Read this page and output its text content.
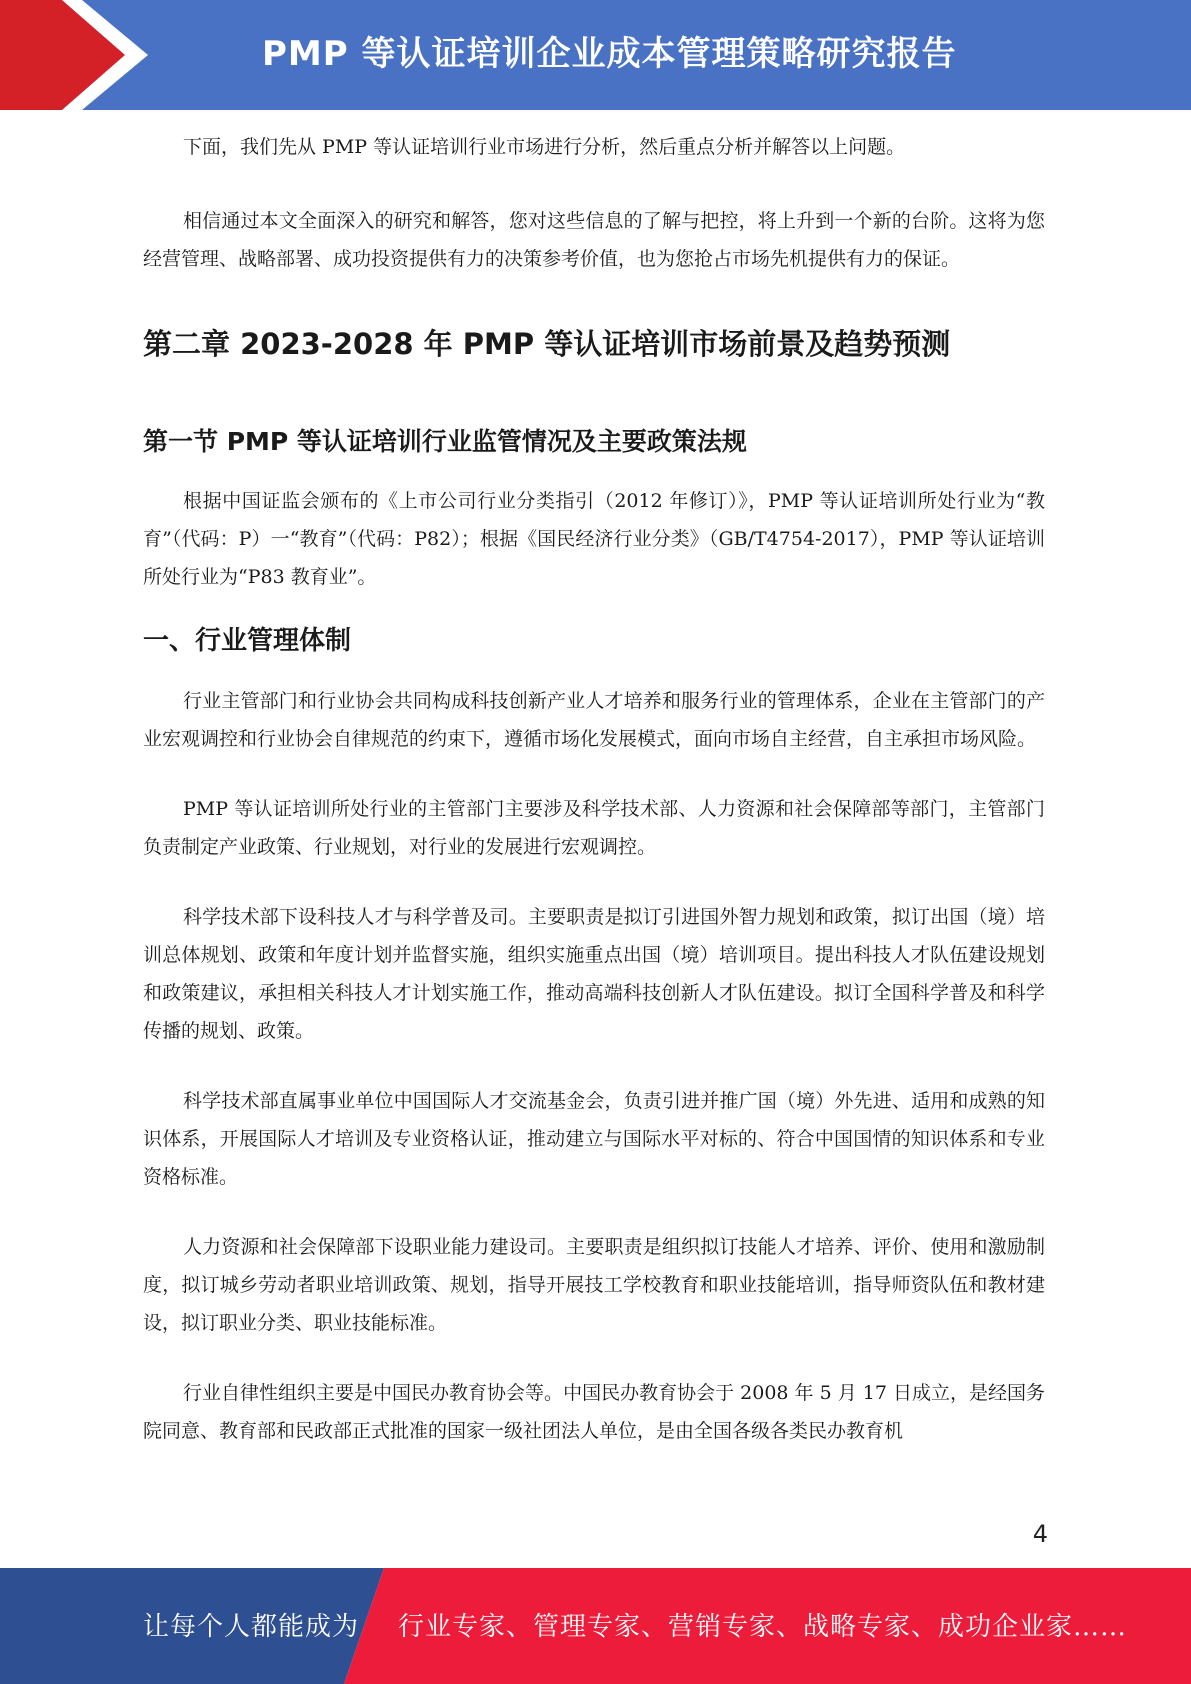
PMP 等认证培训企业成本管理策略研究报告

下面，我们先从 PMP 等认证培训行业市场进行分析，然后重点分析并解答以上问题。

相信通过本文全面深入的研究和解答，您对这些信息的了解与把控，将上升到一个新的台阶。这将为您经营管理、战略部署、成功投资提供有力的决策参考价值，也为您抢占市场先机提供有力的保证。

第二章 2023-2028 年 PMP 等认证培训市场前景及趋势预测
第一节 PMP 等认证培训行业监管情况及主要政策法规

根据中国证监会颁布的《上市公司行业分类指引（2012 年修订）》，PMP 等认证培训所处行业为“教育”（代码：P）一“教育”（代码：P82）；根据《国民经济行业分类》（GB/T4754-2017），PMP 等认证培训所处行业为“P83 教育业”。

一、行业管理体制

行业主管部门和行业协会共同构成科技创新产业人才培养和服务行业的管理体系，企业在主管部门的产业宏观调控和行业协会自律规范的约束下，遵循市场化发展模式，面向市场自主经营，自主承担市场风险。

PMP 等认证培训所处行业的主管部门主要涉及科学技术部、人力资源和社会保障部等部门，主管部门负责制定产业政策、行业规划，对行业的发展进行宏观调控。

科学技术部下设科技人才与科学普及司。主要职责是拟订引进国外智力规划和政策，拟订出国（境）培训总体规划、政策和年度计划并监督实施，组织实施重点出国（境）培训项目。提出科技人才队伍建设规划和政策建议，承担相关科技人才计划实施工作，推动高端科技创新人才队伍建设。拟订全国科学普及和科学传播的规划、政策。

科学技术部直属事业单位中国国际人才交流基金会，负责引进并推广国（境）外先进、适用和成熟的知识体系，开展国际人才培训及专业资格认证，推动建立与国际水平对标的、符合中国国情的知识体系和专业资格标准。

人力资源和社会保障部下设职业能力建设司。主要职责是组织拟订技能人才培养、评价、使用和激励制度，拟订城乡劳动者职业培训政策、规划，指导开展技工学校教育和职业技能培训，指导师资队伍和教材建设，拟订职业分类、职业技能标准。

行业自律性组织主要是中国民办教育协会等。中国民办教育协会于 2008 年 5 月 17 日成立，是经国务院同意、教育部和民政部正式批准的国家一级社团法人单位，是由全国各级各类民办教育机

4
让每个人都能成为 行业专家、管理专家、营销专家、战略专家、成功企业家……
